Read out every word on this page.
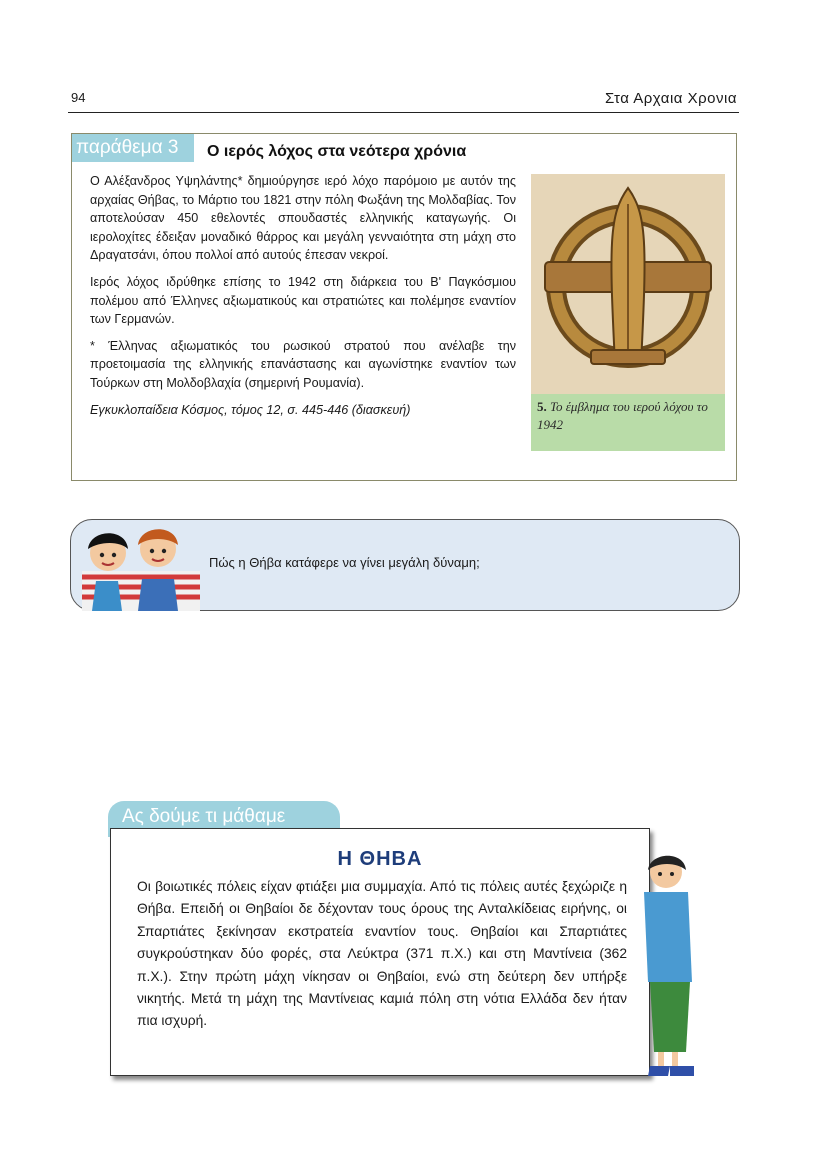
94	Στα Αρχαια Χρονια
παράθεμα 3	Ο ιερός λόχος στα νεότερα χρόνια

Ο Αλέξανδρος Υψηλάντης* δημιούργησε ιερό λόχο παρόμοιο με αυτόν της αρχαίας Θήβας, το Μάρτιο του 1821 στην πόλη Φωξάνη της Μολδαβίας. Τον αποτελούσαν 450 εθελοντές σπουδαστές ελληνικής καταγωγής. Οι ιερολοχίτες έδειξαν μοναδικό θάρρος και μεγάλη γενναιότητα στη μάχη στο Δραγατσάνι, όπου πολλοί από αυτούς έπεσαν νεκροί.

Ιερός λόχος ιδρύθηκε επίσης το 1942 στη διάρκεια του Β' Παγκόσμιου πολέμου από Έλληνες αξιωματικούς και στρατιώτες και πολέμησε εναντίον των Γερμανών.

* Έλληνας αξιωματικός του ρωσικού στρατού που ανέλαβε την προετοιμασία της ελληνικής επανάστασης και αγωνίστηκε εναντίον των Τούρκων στη Μολδοβλαχία (σημερινή Ρουμανία).

Εγκυκλοπαίδεια Κόσμος, τόμος 12, σ. 445-446 (διασκευή)	5. Το έμβλημα του ιερού λόχου το 1942
Πώς η Θήβα κατάφερε να γίνει μεγάλη δύναμη;
Ας δούμε τι μάθαμε
Η ΘΗΒΑ
Οι βοιωτικές πόλεις είχαν φτιάξει μια συμμαχία. Από τις πόλεις αυτές ξεχώριζε η Θήβα. Επειδή οι Θηβαίοι δε δέχονταν τους όρους της Ανταλκίδειας ειρήνης, οι Σπαρτιάτες ξεκίνησαν εκστρατεία εναντίον τους. Θηβαίοι και Σπαρτιάτες συγκρούστηκαν δύο φορές, στα Λεύκτρα (371 π.Χ.) και στη Μαντίνεια (362 π.Χ.). Στην πρώτη μάχη νίκησαν οι Θηβαίοι, ενώ στη δεύτερη δεν υπήρξε νικητής. Μετά τη μάχη της Μαντίνειας καμιά πόλη στη νότια Ελλάδα δεν ήταν πια ισχυρή.
